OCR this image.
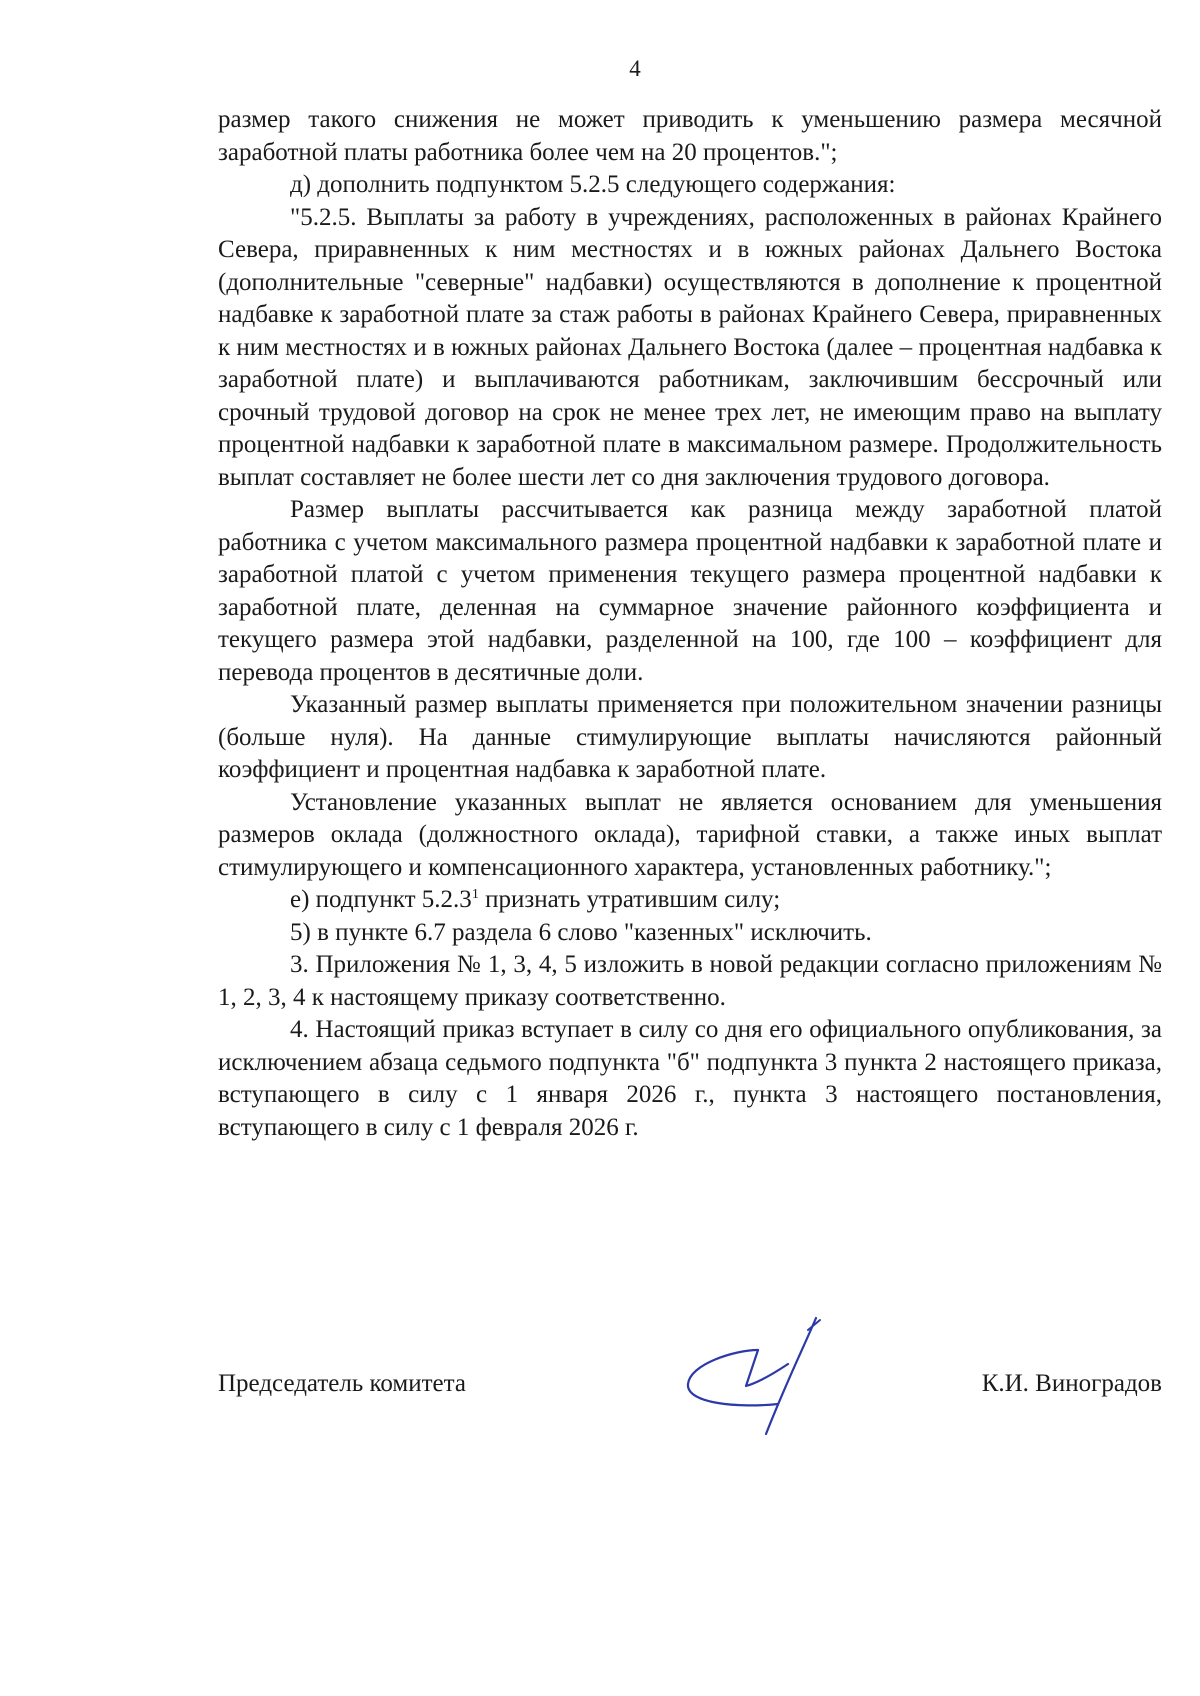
4

размер такого снижения не может приводить к уменьшению размера месячной заработной платы работника более чем на 20 процентов.";

д) дополнить подпунктом 5.2.5 следующего содержания:

"5.2.5. Выплаты за работу в учреждениях, расположенных в районах Крайнего Севера, приравненных к ним местностях и в южных районах Дальнего Востока (дополнительные "северные" надбавки) осуществляются в дополнение к процентной надбавке к заработной плате за стаж работы в районах Крайнего Севера, приравненных к ним местностях и в южных районах Дальнего Востока (далее – процентная надбавка к заработной плате) и выплачиваются работникам, заключившим бессрочный или срочный трудовой договор на срок не менее трех лет, не имеющим право на выплату процентной надбавки к заработной плате в максимальном размере. Продолжительность выплат составляет не более шести лет со дня заключения трудового договора.

Размер выплаты рассчитывается как разница между заработной платой работника с учетом максимального размера процентной надбавки к заработной плате и заработной платой с учетом применения текущего размера процентной надбавки к заработной плате, деленная на суммарное значение районного коэффициента и текущего размера этой надбавки, разделенной на 100, где 100 – коэффициент для перевода процентов в десятичные доли.

Указанный размер выплаты применяется при положительном значении разницы (больше нуля). На данные стимулирующие выплаты начисляются районный коэффициент и процентная надбавка к заработной плате.

Установление указанных выплат не является основанием для уменьшения размеров оклада (должностного оклада), тарифной ставки, а также иных выплат стимулирующего и компенсационного характера, установленных работнику.";

е) подпункт 5.2.3$^1$ признать утратившим силу;

5) в пункте 6.7 раздела 6 слово "казенных" исключить.

3. Приложения № 1, 3, 4, 5 изложить в новой редакции согласно приложениям № 1, 2, 3, 4 к настоящему приказу соответственно.

4. Настоящий приказ вступает в силу со дня его официального опубликования, за исключением абзаца седьмого подпункта "б" подпункта 3 пункта 2 настоящего приказа, вступающего в силу с 1 января 2026 г., пункта 3 настоящего постановления, вступающего в силу с 1 февраля 2026 г.

Председатель комитета	К.И. Виноградов
